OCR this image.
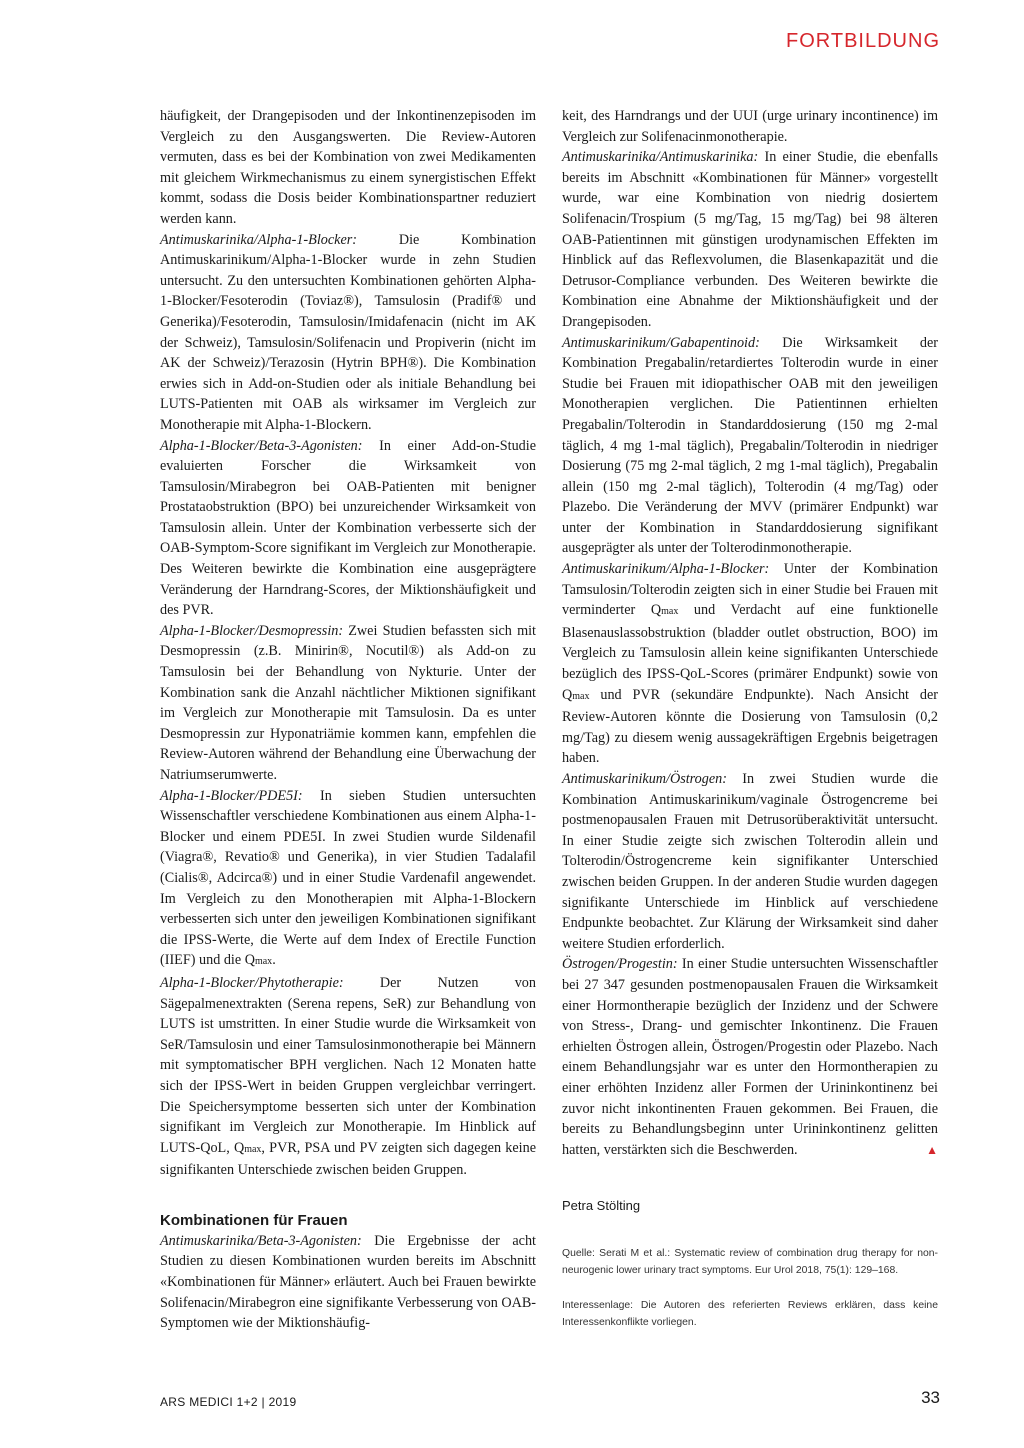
FORTBILDUNG

häufigkeit, der Drangepisoden und der Inkontinenzepisoden im Vergleich zu den Ausgangswerten. Die Review-Autoren vermuten, dass es bei der Kombination von zwei Medikamenten mit gleichem Wirkmechanismus zu einem synergistischen Effekt kommt, sodass die Dosis beider Kombinationspartner reduziert werden kann.

Antimuskarinika/Alpha-1-Blocker: Die Kombination Antimuskarinikum/Alpha-1-Blocker wurde in zehn Studien untersucht. Zu den untersuchten Kombinationen gehörten Alpha-1-Blocker/Fesoterodin (Toviaz®), Tamsulosin (Pradif® und Generika)/Fesoterodin, Tamsulosin/Imidafenacin (nicht im AK der Schweiz), Tamsulosin/Solifenacin und Propiverin (nicht im AK der Schweiz)/Terazosin (Hytrin BPH®). Die Kombination erwies sich in Add-on-Studien oder als initiale Behandlung bei LUTS-Patienten mit OAB als wirksamer im Vergleich zur Monotherapie mit Alpha-1-Blockern.

Alpha-1-Blocker/Beta-3-Agonisten: In einer Add-on-Studie evaluierten Forscher die Wirksamkeit von Tamsulosin/Mirabegron bei OAB-Patienten mit benigner Prostataobstruktion (BPO) bei unzureichender Wirksamkeit von Tamsulosin allein. Unter der Kombination verbesserte sich der OAB-Symptom-Score signifikant im Vergleich zur Monotherapie. Des Weiteren bewirkte die Kombination eine ausgeprägtere Veränderung der Harndrang-Scores, der Miktionshäufigkeit und des PVR.

Alpha-1-Blocker/Desmopressin: Zwei Studien befassten sich mit Desmopressin (z.B. Minirin®, Nocutil®) als Add-on zu Tamsulosin bei der Behandlung von Nykturie. Unter der Kombination sank die Anzahl nächtlicher Miktionen signifikant im Vergleich zur Monotherapie mit Tamsulosin. Da es unter Desmopressin zur Hyponatriämie kommen kann, empfehlen die Review-Autoren während der Behandlung eine Überwachung der Natriumserumwerte.

Alpha-1-Blocker/PDE5I: In sieben Studien untersuchten Wissenschaftler verschiedene Kombinationen aus einem Alpha-1-Blocker und einem PDE5I. In zwei Studien wurde Sildenafil (Viagra®, Revatio® und Generika), in vier Studien Tadalafil (Cialis®, Adcirca®) und in einer Studie Vardenafil angewendet. Im Vergleich zu den Monotherapien mit Alpha-1-Blockern verbesserten sich unter den jeweiligen Kombinationen signifikant die IPSS-Werte, die Werte auf dem Index of Erectile Function (IIEF) und die Qmax.

Alpha-1-Blocker/Phytotherapie: Der Nutzen von Sägepalmenextrakten (Serena repens, SeR) zur Behandlung von LUTS ist umstritten. In einer Studie wurde die Wirksamkeit von SeR/Tamsulosin und einer Tamsulosinmonotherapie bei Männern mit symptomatischer BPH verglichen. Nach 12 Monaten hatte sich der IPSS-Wert in beiden Gruppen vergleichbar verringert. Die Speichersymptome besserten sich unter der Kombination signifikant im Vergleich zur Monotherapie. Im Hinblick auf LUTS-QoL, Qmax, PVR, PSA und PV zeigten sich dagegen keine signifikanten Unterschiede zwischen beiden Gruppen.

Kombinationen für Frauen

Antimuskarinika/Beta-3-Agonisten: Die Ergebnisse der acht Studien zu diesen Kombinationen wurden bereits im Abschnitt «Kombinationen für Männer» erläutert. Auch bei Frauen bewirkte Solifenacin/Mirabegron eine signifikante Verbesserung von OAB-Symptomen wie der Miktionshäufig-

keit, des Harndrangs und der UUI (urge urinary incontinence) im Vergleich zur Solifenacinmonotherapie.

Antimuskarinika/Antimuskarinika: In einer Studie, die ebenfalls bereits im Abschnitt «Kombinationen für Männer» vorgestellt wurde, war eine Kombination von niedrig dosiertem Solifenacin/Trospium (5 mg/Tag, 15 mg/Tag) bei 98 älteren OAB-Patientinnen mit günstigen urodynamischen Effekten im Hinblick auf das Reflexvolumen, die Blasenkapazität und die Detrusor-Compliance verbunden. Des Weiteren bewirkte die Kombination eine Abnahme der Miktionshäufigkeit und der Drangepisoden.

Antimuskarinikum/Gabapentinoid: Die Wirksamkeit der Kombination Pregabalin/retardiertes Tolterodin wurde in einer Studie bei Frauen mit idiopathischer OAB mit den jeweiligen Monotherapien verglichen. Die Patientinnen erhielten Pregabalin/Tolterodin in Standarddosierung (150 mg 2-mal täglich, 4 mg 1-mal täglich), Pregabalin/Tolterodin in niedriger Dosierung (75 mg 2-mal täglich, 2 mg 1-mal täglich), Pregabalin allein (150 mg 2-mal täglich), Tolterodin (4 mg/Tag) oder Plazebo. Die Veränderung der MVV (primärer Endpunkt) war unter der Kombination in Standarddosierung signifikant ausgeprägter als unter der Tolterodinmonotherapie.

Antimuskarinikum/Alpha-1-Blocker: Unter der Kombination Tamsulosin/Tolterodin zeigten sich in einer Studie bei Frauen mit verminderter Qmax und Verdacht auf eine funktionelle Blasenauslassobstruktion (bladder outlet obstruction, BOO) im Vergleich zu Tamsulosin allein keine signifikanten Unterschiede bezüglich des IPSS-QoL-Scores (primärer Endpunkt) sowie von Qmax und PVR (sekundäre Endpunkte). Nach Ansicht der Review-Autoren könnte die Dosierung von Tamsulosin (0,2 mg/Tag) zu diesem wenig aussagekräftigen Ergebnis beigetragen haben.

Antimuskarinikum/Östrogen: In zwei Studien wurde die Kombination Antimuskarinikum/vaginale Östrogencreme bei postmenopausalen Frauen mit Detrusorüberaktivität untersucht. In einer Studie zeigte sich zwischen Tolterodin allein und Tolterodin/Östrogencreme kein signifikanter Unterschied zwischen beiden Gruppen. In der anderen Studie wurden dagegen signifikante Unterschiede im Hinblick auf verschiedene Endpunkte beobachtet. Zur Klärung der Wirksamkeit sind daher weitere Studien erforderlich.

Östrogen/Progestin: In einer Studie untersuchten Wissenschaftler bei 27 347 gesunden postmenopausalen Frauen die Wirksamkeit einer Hormontherapie bezüglich der Inzidenz und der Schwere von Stress-, Drang- und gemischter Inkontinenz. Die Frauen erhielten Östrogen allein, Östrogen/Progestin oder Plazebo. Nach einem Behandlungsjahr war es unter den Hormontherapien zu einer erhöhten Inzidenz aller Formen der Urininkontinenz bei zuvor nicht inkontinenten Frauen gekommen. Bei Frauen, die bereits zu Behandlungsbeginn unter Urininkontinenz gelitten hatten, verstärkten sich die Beschwerden.	▲

Petra Stölting

Quelle: Serati M et al.: Systematic review of combination drug therapy for non-neurogenic lower urinary tract symptoms. Eur Urol 2018, 75(1): 129–168.

Interessenlage: Die Autoren des referierten Reviews erklären, dass keine Interessenkonflikte vorliegen.

ARS MEDICI 1+2 | 2019	33
